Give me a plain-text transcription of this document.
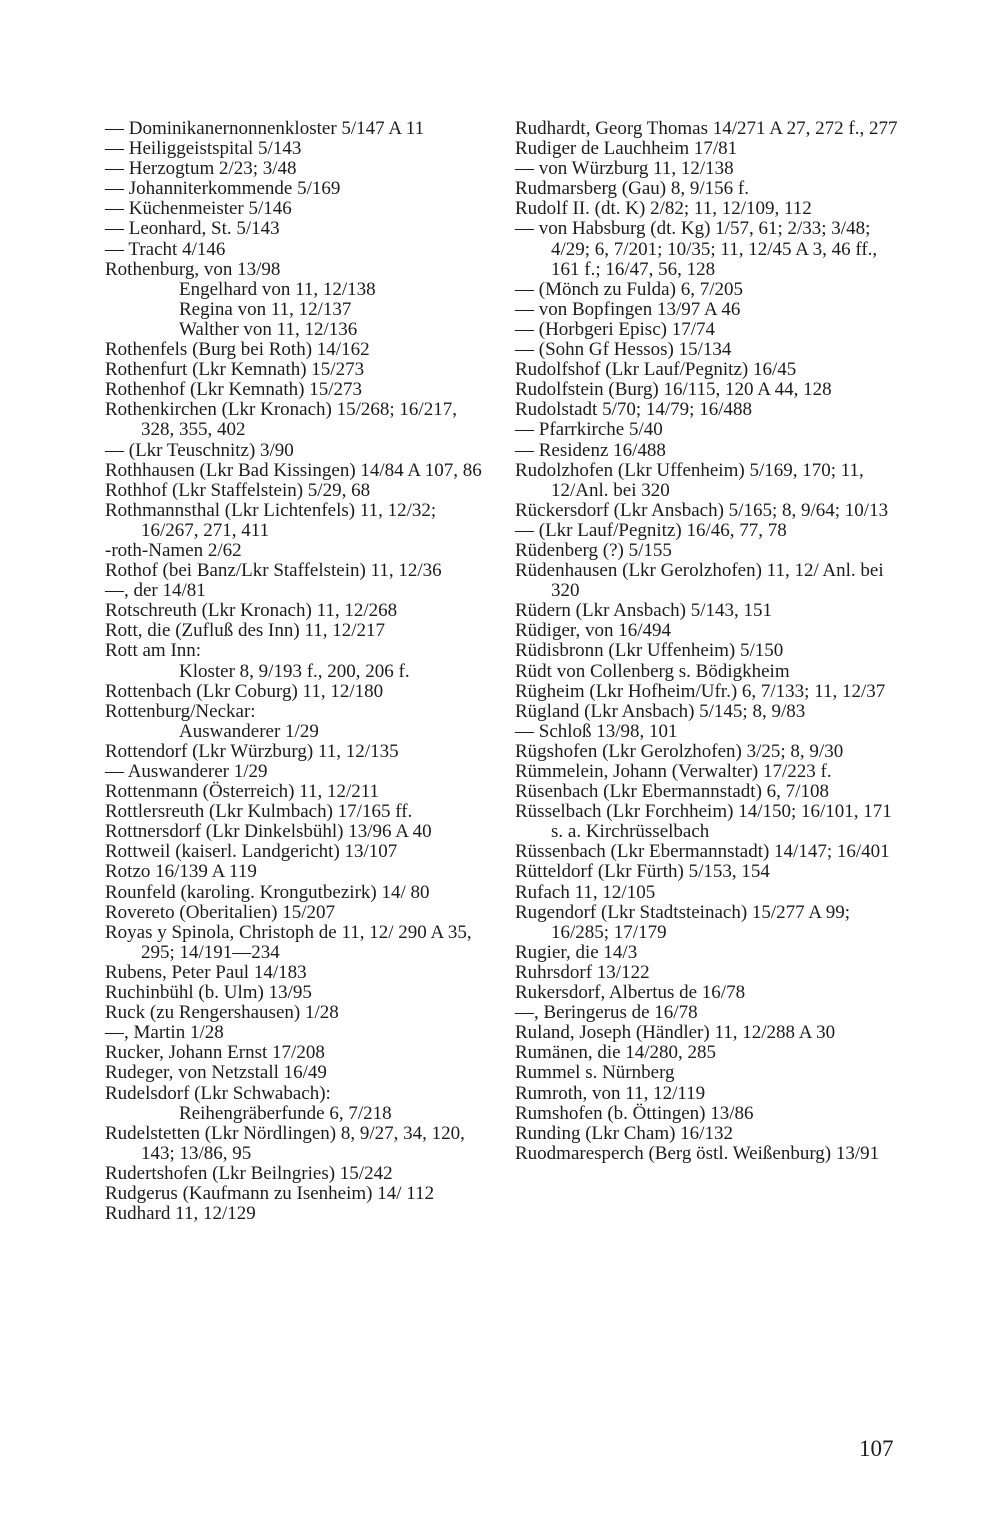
— Dominikanernonnenkloster 5/147 A 11

— Heiliggeistspital 5/143

— Herzogtum 2/23; 3/48

— Johanniterkommende 5/169

— Küchenmeister 5/146

— Leonhard, St. 5/143

— Tracht 4/146

Rothenburg, von 13/98

Engelhard von 11, 12/138

Regina von 11, 12/137

Walther von 11, 12/136

Rothenfels (Burg bei Roth) 14/162

Rothenfurt (Lkr Kemnath) 15/273

Rothenhof (Lkr Kemnath) 15/273

Rothenkirchen (Lkr Kronach) 15/268; 16/217, 328, 355, 402

— (Lkr Teuschnitz) 3/90

Rothhausen (Lkr Bad Kissingen) 14/84 A 107, 86

Rothhof (Lkr Staffelstein) 5/29, 68

Rothmannsthal (Lkr Lichtenfels) 11, 12/32; 16/267, 271, 411

-roth-Namen 2/62

Rothof (bei Banz/Lkr Staffelstein) 11, 12/36

—, der 14/81

Rotschreuth (Lkr Kronach) 11, 12/268

Rott, die (Zufluß des Inn) 11, 12/217

Rott am Inn:

Kloster 8, 9/193 f., 200, 206 f.

Rottenbach (Lkr Coburg) 11, 12/180

Rottenburg/Neckar:

Auswanderer 1/29

Rottendorf (Lkr Würzburg) 11, 12/135

— Auswanderer 1/29

Rottenmann (Österreich) 11, 12/211

Rottlersreuth (Lkr Kulmbach) 17/165 ff.

Rottnersdorf (Lkr Dinkelsbühl) 13/96 A 40

Rottweil (kaiserl. Landgericht) 13/107

Rotzo 16/139 A 119

Rounfeld (karoling. Krongutbezirk) 14/ 80

Rovereto (Oberitalien) 15/207

Royas y Spinola, Christoph de 11, 12/ 290 A 35, 295; 14/191—234

Rubens, Peter Paul 14/183

Ruchinbühl (b. Ulm) 13/95

Ruck (zu Rengershausen) 1/28

—, Martin 1/28

Rucker, Johann Ernst 17/208

Rudeger, von Netzstall 16/49

Rudelsdorf (Lkr Schwabach):

Reihengräberfunde 6, 7/218

Rudelstetten (Lkr Nördlingen) 8, 9/27, 34, 120, 143; 13/86, 95

Rudertshofen (Lkr Beilngries) 15/242

Rudgerus (Kaufmann zu Isenheim) 14/ 112

Rudhard 11, 12/129

Rudhardt, Georg Thomas 14/271 A 27, 272 f., 277

Rudiger de Lauchheim 17/81

— von Würzburg 11, 12/138

Rudmarsberg (Gau) 8, 9/156 f.

Rudolf II. (dt. K) 2/82; 11, 12/109, 112

— von Habsburg (dt. Kg) 1/57, 61; 2/33; 3/48; 4/29; 6, 7/201; 10/35; 11, 12/45 A 3, 46 ff., 161 f.; 16/47, 56, 128

— (Mönch zu Fulda) 6, 7/205

— von Bopfingen 13/97 A 46

— (Horbgeri Episc) 17/74

— (Sohn Gf Hessos) 15/134

Rudolfshof (Lkr Lauf/Pegnitz) 16/45

Rudolfstein (Burg) 16/115, 120 A 44, 128

Rudolstadt 5/70; 14/79; 16/488

— Pfarrkirche 5/40

— Residenz 16/488

Rudolzhofen (Lkr Uffenheim) 5/169, 170; 11, 12/Anl. bei 320

Rückersdorf (Lkr Ansbach) 5/165; 8, 9/64; 10/13

— (Lkr Lauf/Pegnitz) 16/46, 77, 78

Rüdenberg (?) 5/155

Rüdenhausen (Lkr Gerolzhofen) 11, 12/ Anl. bei 320

Rüdern (Lkr Ansbach) 5/143, 151

Rüdiger, von 16/494

Rüdisbronn (Lkr Uffenheim) 5/150

Rüdt von Collenberg s. Bödigkheim

Rügheim (Lkr Hofheim/Ufr.) 6, 7/133; 11, 12/37

Rügland (Lkr Ansbach) 5/145; 8, 9/83

— Schloß 13/98, 101

Rügshofen (Lkr Gerolzhofen) 3/25; 8, 9/30

Rümmelein, Johann (Verwalter) 17/223 f.

Rüsenbach (Lkr Ebermannstadt) 6, 7/108

Rüsselbach (Lkr Forchheim) 14/150; 16/101, 171 s. a. Kirchrüsselbach

Rüssenbach (Lkr Ebermannstadt) 14/147; 16/401

Rütteldorf (Lkr Fürth) 5/153, 154

Rufach 11, 12/105

Rugendorf (Lkr Stadtsteinach) 15/277 A 99; 16/285; 17/179

Rugier, die 14/3

Ruhrsdorf 13/122

Rukersdorf, Albertus de 16/78

—, Beringerus de 16/78

Ruland, Joseph (Händler) 11, 12/288 A 30

Rumänen, die 14/280, 285

Rummel s. Nürnberg

Rumroth, von 11, 12/119

Rumshofen (b. Öttingen) 13/86

Runding (Lkr Cham) 16/132

Ruodmaresperch (Berg östl. Weißenburg) 13/91

107
